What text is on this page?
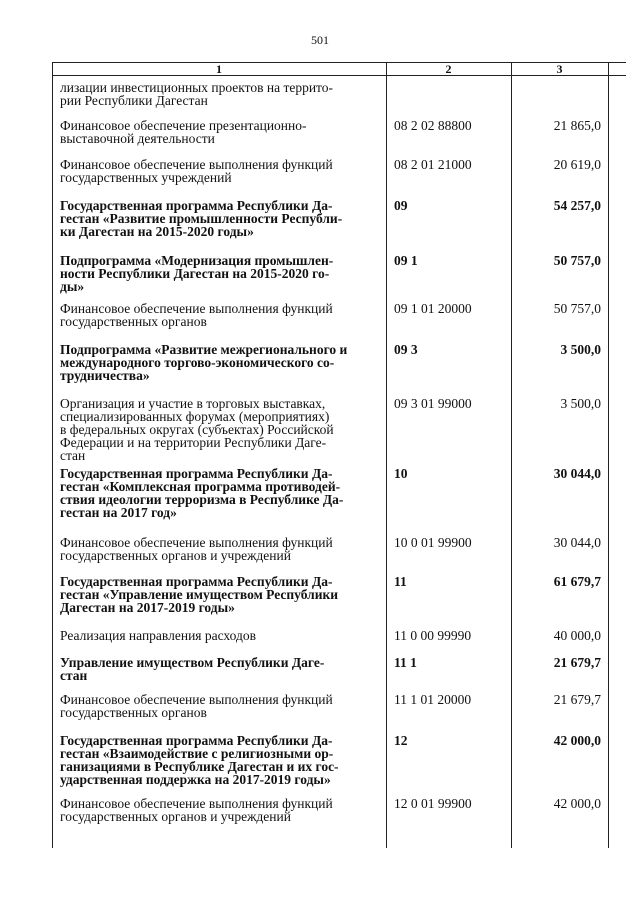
501
1	2	3
лизации инвестиционных проектов на террито-
рии Республики Дагестан
Финансовое обеспечение презентационно-
выставочной деятельности
08 2 02 88800	21 865,0
Финансовое обеспечение выполнения функций
государственных учреждений
08 2 01 21000	20 619,0
Государственная программа Республики Да-
гестан «Развитие промышленности Республи-
ки Дагестан на 2015-2020 годы»
09	54 257,0
Подпрограмма «Модернизация промышлен-
ности Республики Дагестан на 2015-2020 го-
ды»
09 1	50 757,0
Финансовое обеспечение выполнения функций
государственных органов
09 1 01 20000	50 757,0
Подпрограмма «Развитие межрегионального и
международного торгово-экономического со-
трудничества»
09 3	3 500,0
Организация и участие в торговых выставках,
специализированных форумах (мероприятиях)
в федеральных округах (субъектах) Российской
Федерации и на территории Республики Даге-
стан
09 3 01 99000	3 500,0
Государственная программа Республики Да-
гестан «Комплексная программа противодей-
ствия идеологии терроризма в Республике Да-
гестан на 2017 год»
10	30 044,0
Финансовое обеспечение выполнения функций
государственных органов и учреждений
10 0 01 99900	30 044,0
Государственная программа Республики Да-
гестан «Управление имуществом Республики
Дагестан на 2017-2019 годы»
11	61 679,7
Реализация направления расходов	11 0 00 99990	40 000,0
Управление имуществом Республики Даге-
стан
11 1	21 679,7
Финансовое обеспечение выполнения функций
государственных органов
11 1 01 20000	21 679,7
Государственная программа Республики Да-
гестан «Взаимодействие с религиозными ор-
ганизациями в Республике Дагестан и их гос-
ударственная поддержка на 2017-2019 годы»
12	42 000,0
Финансовое обеспечение выполнения функций
государственных органов и учреждений
12 0 01 99900	42 000,0
